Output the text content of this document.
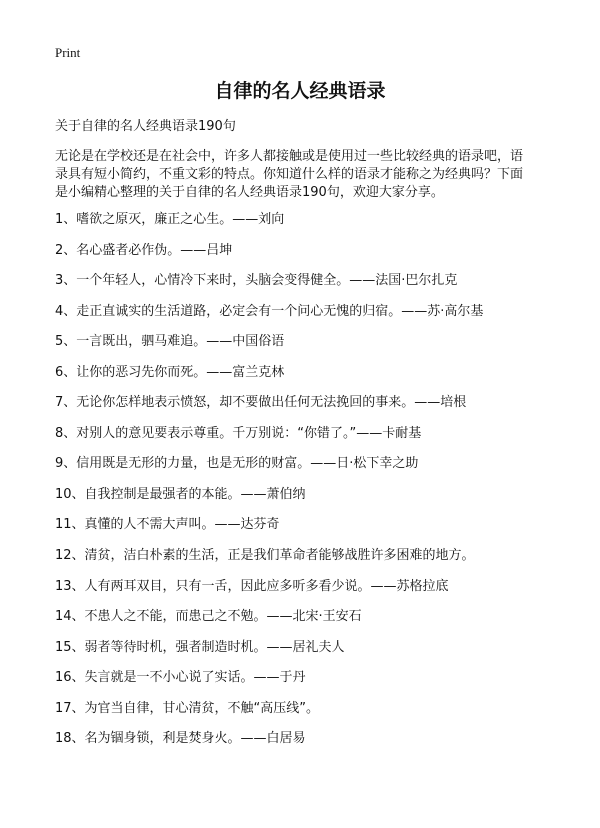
Print
自律的名人经典语录
关于自律的名人经典语录190句
无论是在学校还是在社会中，许多人都接触或是使用过一些比较经典的语录吧，语
录具有短小简约，不重文彩的特点。你知道什么样的语录才能称之为经典吗？下面
是小编精心整理的关于自律的名人经典语录190句，欢迎大家分享。
1、嗜欲之原灭，廉正之心生。——刘向
2、名心盛者必作伪。——吕坤
3、一个年轻人，心情冷下来时，头脑会变得健全。——法国·巴尔扎克
4、走正直诚实的生活道路，必定会有一个问心无愧的归宿。——苏·高尔基
5、一言既出，驷马难追。——中国俗语
6、让你的恶习先你而死。——富兰克林
7、无论你怎样地表示愤怒，却不要做出任何无法挽回的事来。——培根
8、对别人的意见要表示尊重。千万别说：“你错了。”——卡耐基
9、信用既是无形的力量，也是无形的财富。——日·松下幸之助
10、自我控制是最强者的本能。——萧伯纳
11、真懂的人不需大声叫。——达芬奇
12、清贫，洁白朴素的生活，正是我们革命者能够战胜许多困难的地方。
13、人有两耳双目，只有一舌，因此应多听多看少说。——苏格拉底
14、不患人之不能，而患己之不勉。——北宋·王安石
15、弱者等待时机，强者制造时机。——居礼夫人
16、失言就是一不小心说了实话。——于丹
17、为官当自律，甘心清贫，不触“高压线”。
18、名为锢身锁，利是焚身火。——白居易
